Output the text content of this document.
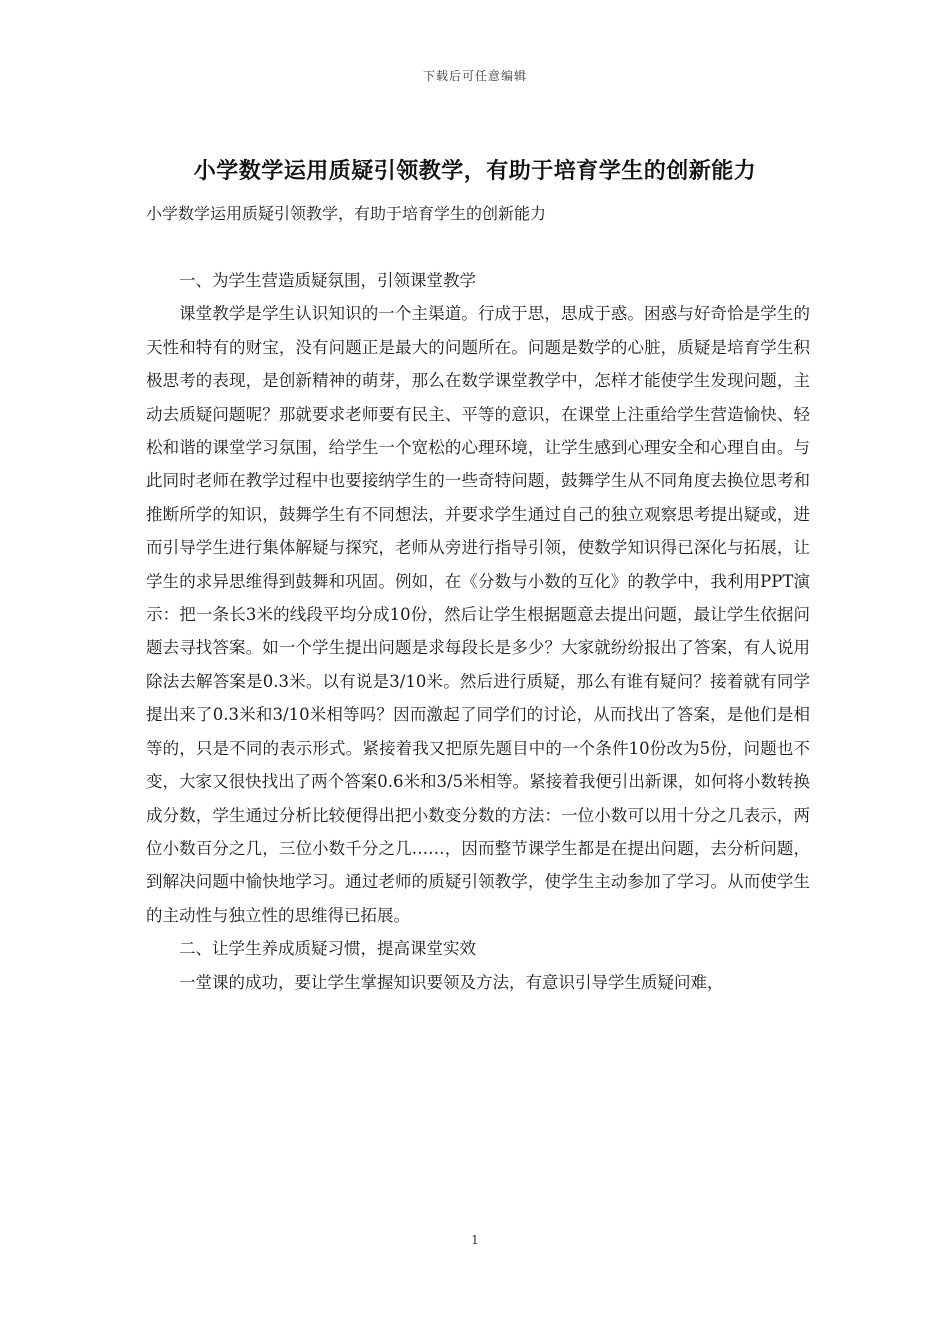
下载后可任意编辑
小学数学运用质疑引领教学，有助于培育学生的创新能力

小学数学运用质疑引领教学，有助于培育学生的创新能力

一、为学生营造质疑氛围，引领课堂教学

课堂教学是学生认识知识的一个主渠道。行成于思，思成于惑。困惑与好奇恰是学生的天性和特有的财宝，没有问题正是最大的问题所在。问题是数学的心脏，质疑是培育学生积极思考的表现，是创新精神的萌芽，那么在数学课堂教学中，怎样才能使学生发现问题，主动去质疑问题呢？那就要求老师要有民主、平等的意识，在课堂上注重给学生营造愉快、轻松和谐的课堂学习氛围，给学生一个宽松的心理环境，让学生感到心理安全和心理自由。与此同时老师在教学过程中也要接纳学生的一些奇特问题，鼓舞学生从不同角度去换位思考和推断所学的知识，鼓舞学生有不同想法，并要求学生通过自己的独立观察思考提出疑或，进而引导学生进行集体解疑与探究，老师从旁进行指导引领，使数学知识得已深化与拓展，让学生的求异思维得到鼓舞和巩固。例如，在《分数与小数的互化》的教学中，我利用PPT演示：把一条长3米的线段平均分成10份，然后让学生根据题意去提出问题，最让学生依据问题去寻找答案。如一个学生提出问题是求每段长是多少？大家就纷纷报出了答案，有人说用除法去解答案是0.3米。以有说是3/10米。然后进行质疑，那么有谁有疑问？接着就有同学提出来了0.3米和3/10米相等吗？因而激起了同学们的讨论，从而找出了答案，是他们是相等的，只是不同的表示形式。紧接着我又把原先题目中的一个条件10份改为5份，问题也不变，大家又很快找出了两个答案0.6米和3/5米相等。紧接着我便引出新课，如何将小数转换成分数，学生通过分析比较便得出把小数变分数的方法：一位小数可以用十分之几表示，两位小数百分之几，三位小数千分之几……，因而整节课学生都是在提出问题，去分析问题，到解决问题中愉快地学习。通过老师的质疑引领教学，使学生主动参加了学习。从而使学生的主动性与独立性的思维得已拓展。

二、让学生养成质疑习惯，提高课堂实效

一堂课的成功，要让学生掌握知识要领及方法，有意识引导学生质疑问难，

1
